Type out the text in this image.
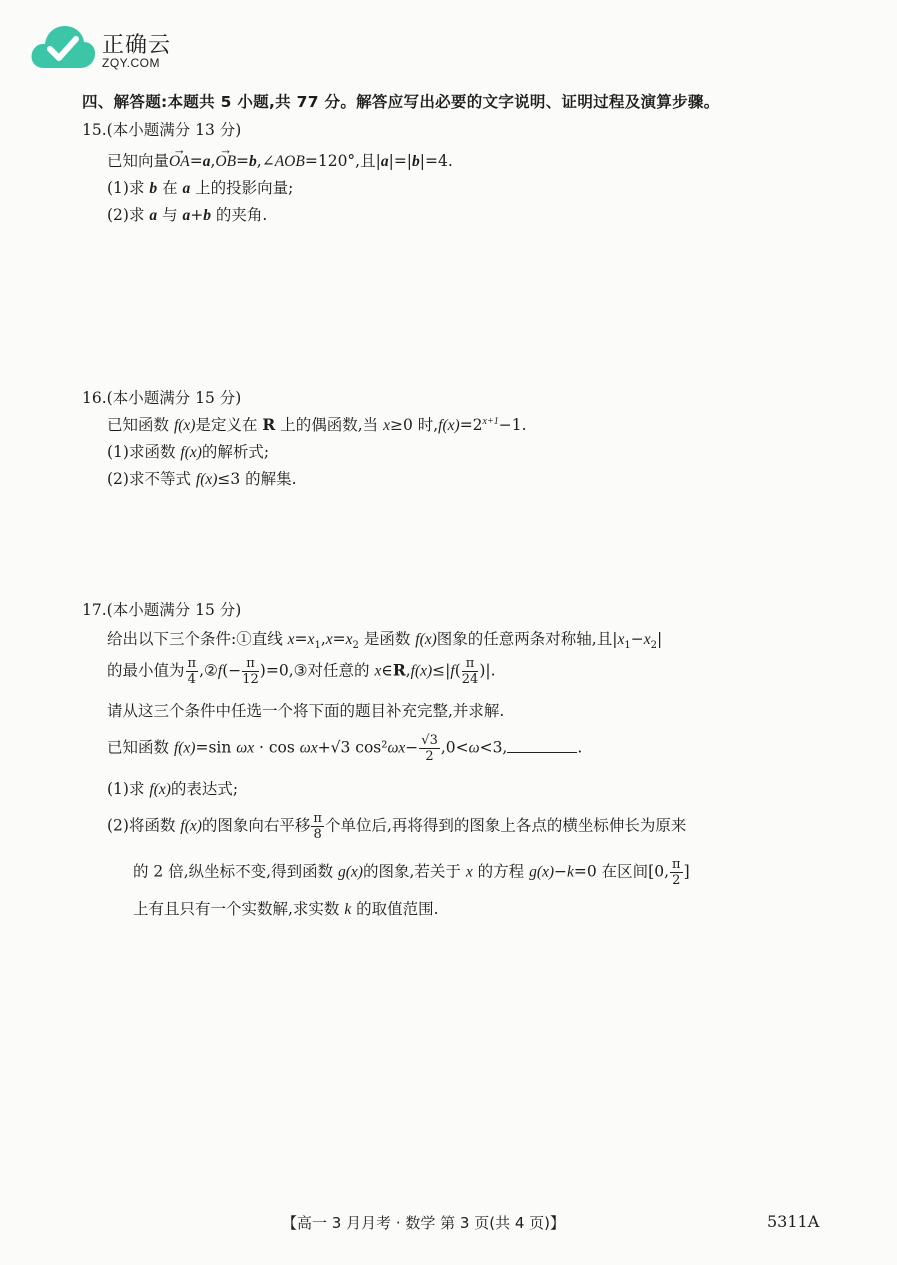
正确云
ZQY.COM
四、解答题:本题共 5 小题,共 77 分。解答应写出必要的文字说明、证明过程及演算步骤。
15.(本小题满分 13 分)
已知向量→ OA=a,→ OB=b,∠AOB=120°,且|a|=|b|=4.
(1)求 b 在 a 上的投影向量;
(2)求 a 与 a+b 的夹角.
16.(本小题满分 15 分)
已知函数 f(x)是定义在 R 上的偶函数,当 x≥0 时$,f(x)=2^{x+1}-1$.
(1)求函数 f(x)的解析式;
(2)求不等式 f(x)≤3 的解集.
17.(本小题满分 15 分)
给出以下三个条件:①直线 $x=x_1,x=x_2$ 是函数 f(x)图象的任意两条对称轴,且$|x_1-x_2|$
的最小值为 $\frac{\pi}{4}$ ,②f(− $\frac{\pi}{12}$ )=0,③对任意的 x∈R,f(x)≤|f( $\frac{\pi}{24}$ )|.
请从这三个条件中任选一个将下面的题目补充完整,并求解.
已知函数 f(x)=sin ωx · cos ωx+√3 $\cos^2\omega x- \frac{√3}{2} ,0<\omega<3$,	.
(1)求 f(x)的表达式;
(2)将函数 f(x)的图象向右平移 $\frac{\pi}{8}$ 个单位后,再将得到的图象上各点的横坐标伸长为原来
的 2 倍,纵坐标不变,得到函数 g(x)的图象,若关于 x 的方程 g(x)−k=0 在区间[0, $\frac{\pi}{2}$ ]
上有且只有一个实数解,求实数 k 的取值范围.
【高一 3 月月考 · 数学 第 3 页(共 4 页)】	5311A
